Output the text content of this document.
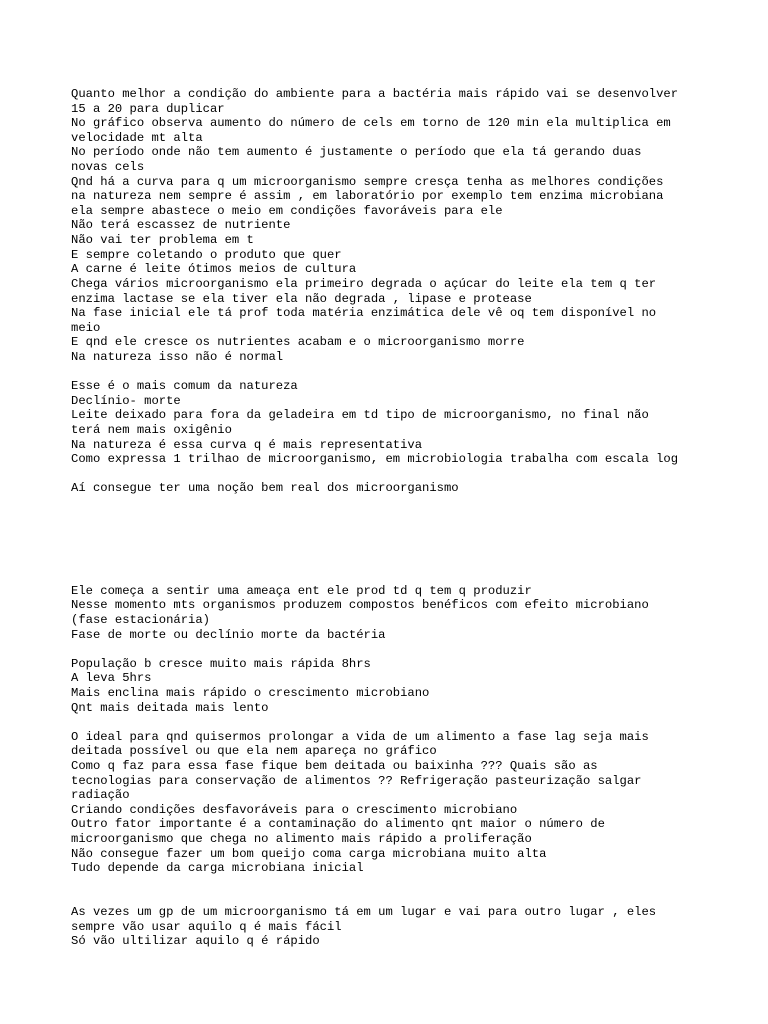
Quanto melhor a condição do ambiente para a bactéria mais rápido vai se desenvolver
15 a 20 para duplicar
No gráfico observa aumento do número de cels em torno de 120 min ela multiplica em
velocidade mt alta
No período onde não tem aumento é justamente o período que ela tá gerando duas
novas cels
Qnd há a curva para q um microorganismo sempre cresça tenha as melhores condições
na natureza nem sempre é assim , em laboratório por exemplo tem enzima microbiana
ela sempre abastece o meio em condições favoráveis para ele
Não terá escassez de nutriente
Não vai ter problema em t
E sempre coletando o produto que quer
A carne é leite ótimos meios de cultura
Chega vários microorganismo ela primeiro degrada o açúcar do leite ela tem q ter
enzima lactase se ela tiver ela não degrada , lipase e protease
Na fase inicial ele tá prof toda matéria enzimática dele vê oq tem disponível no
meio
E qnd ele cresce os nutrientes acabam e o microorganismo morre
Na natureza isso não é normal
Esse é o mais comum da natureza
Declínio- morte
Leite deixado para fora da geladeira em td tipo de microorganismo, no final não
terá nem mais oxigênio
Na natureza é essa curva q é mais representativa
Como expressa 1 trilhao de microorganismo, em microbiologia trabalha com escala log
Aí consegue ter uma noção bem real dos microorganismo
Ele começa a sentir uma ameaça ent ele prod td q tem q produzir
Nesse momento mts organismos produzem compostos benéficos com efeito microbiano
(fase estacionária)
Fase de morte ou declínio morte da bactéria
População b cresce muito mais rápida 8hrs
A leva 5hrs
Mais enclina mais rápido o crescimento microbiano
Qnt mais deitada mais lento
O ideal para qnd quisermos prolongar a vida de um alimento a fase lag seja mais
deitada possível ou que ela nem apareça no gráfico
Como q faz para essa fase fique bem deitada ou baixinha ??? Quais são as
tecnologias para conservação de alimentos ?? Refrigeração pasteurização salgar
radiação
Criando condições desfavoráveis para o crescimento microbiano
Outro fator importante é a contaminação do alimento qnt maior o número de
microorganismo que chega no alimento mais rápido a proliferação
Não consegue fazer um bom queijo coma carga microbiana muito alta
Tudo depende da carga microbiana inicial
As vezes um gp de um microorganismo tá em um lugar e vai para outro lugar , eles
sempre vão usar aquilo q é mais fácil
Só vão ultilizar aquilo q é rápido
